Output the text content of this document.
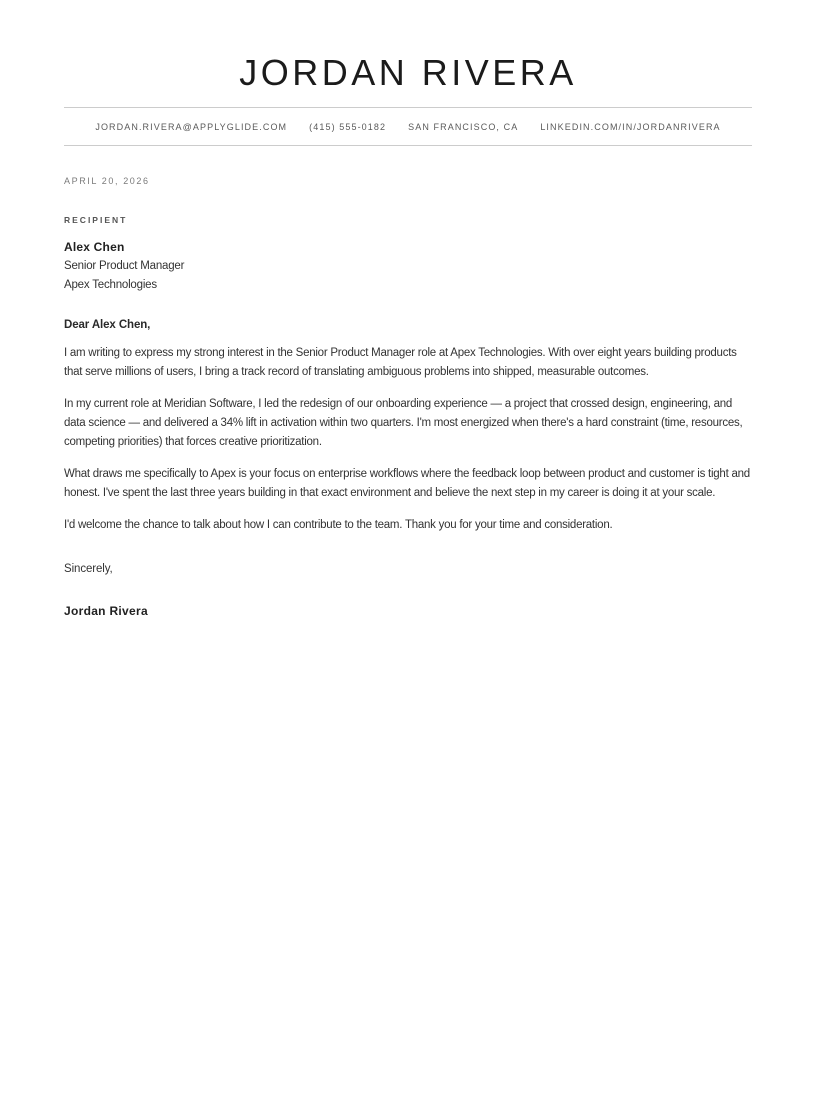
JORDAN RIVERA
JORDAN.RIVERA@APPLYGLIDE.COM (415) 555-0182 SAN FRANCISCO, CA LINKEDIN.COM/IN/JORDANRIVERA
APRIL 20, 2026
RECIPIENT
Alex Chen
Senior Product Manager
Apex Technologies
Dear Alex Chen,

I am writing to express my strong interest in the Senior Product Manager role at Apex Technologies. With over eight years building products that serve millions of users, I bring a track record of translating ambiguous problems into shipped, measurable outcomes.

In my current role at Meridian Software, I led the redesign of our onboarding experience — a project that crossed design, engineering, and data science — and delivered a 34% lift in activation within two quarters. I'm most energized when there's a hard constraint (time, resources, competing priorities) that forces creative prioritization.

What draws me specifically to Apex is your focus on enterprise workflows where the feedback loop between product and customer is tight and honest. I've spent the last three years building in that exact environment and believe the next step in my career is doing it at your scale.

I'd welcome the chance to talk about how I can contribute to the team. Thank you for your time and consideration.

Sincerely,
Jordan Rivera
